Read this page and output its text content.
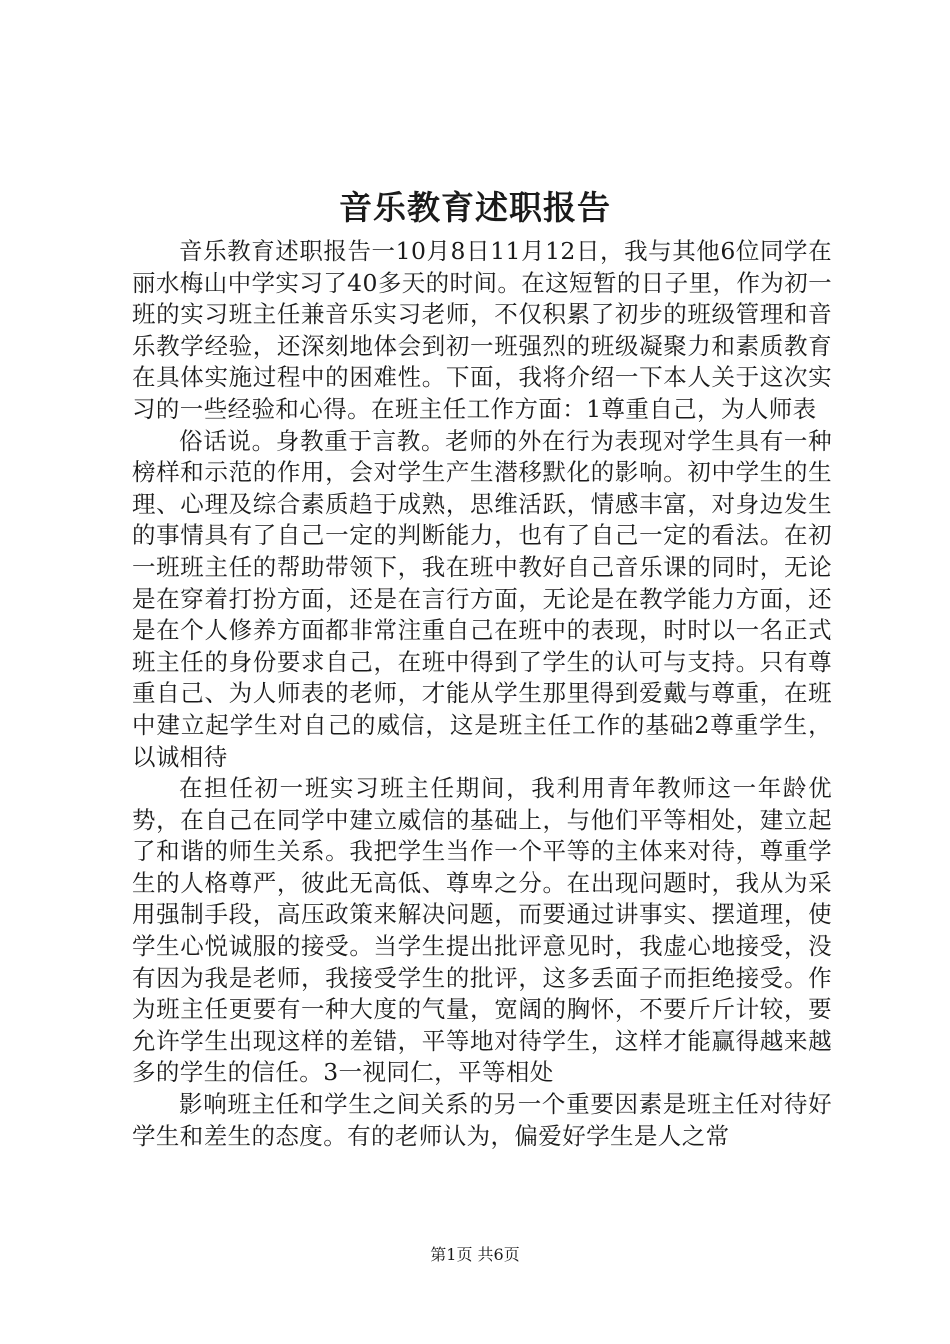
音乐教育述职报告

音乐教育述职报告一10月8日11月12日，我与其他6位同学在丽水梅山中学实习了40多天的时间。在这短暂的日子里，作为初一班的实习班主任兼音乐实习老师，不仅积累了初步的班级管理和音乐教学经验，还深刻地体会到初一班强烈的班级凝聚力和素质教育在具体实施过程中的困难性。下面，我将介绍一下本人关于这次实习的一些经验和心得。在班主任工作方面：1尊重自己，为人师表

俗话说。身教重于言教。老师的外在行为表现对学生具有一种榜样和示范的作用，会对学生产生潜移默化的影响。初中学生的生理、心理及综合素质趋于成熟，思维活跃，情感丰富，对身边发生的事情具有了自己一定的判断能力，也有了自己一定的看法。在初一班班主任的帮助带领下，我在班中教好自己音乐课的同时，无论是在穿着打扮方面，还是在言行方面，无论是在教学能力方面，还是在个人修养方面都非常注重自己在班中的表现，时时以一名正式班主任的身份要求自己，在班中得到了学生的认可与支持。只有尊重自己、为人师表的老师，才能从学生那里得到爱戴与尊重，在班中建立起学生对自己的威信，这是班主任工作的基础2尊重学生，以诚相待

在担任初一班实习班主任期间，我利用青年教师这一年龄优势，在自己在同学中建立威信的基础上，与他们平等相处，建立起了和谐的师生关系。我把学生当作一个平等的主体来对待，尊重学生的人格尊严，彼此无高低、尊卑之分。在出现问题时，我从为采用强制手段，高压政策来解决问题，而要通过讲事实、摆道理，使学生心悦诚服的接受。当学生提出批评意见时，我虚心地接受，没有因为我是老师，我接受学生的批评，这多丢面子而拒绝接受。作为班主任更要有一种大度的气量，宽阔的胸怀，不要斤斤计较，要允许学生出现这样的差错，平等地对待学生，这样才能赢得越来越多的学生的信任。3一视同仁，平等相处

影响班主任和学生之间关系的另一个重要因素是班主任对待好学生和差生的态度。有的老师认为，偏爱好学生是人之常

第1页 共6页
